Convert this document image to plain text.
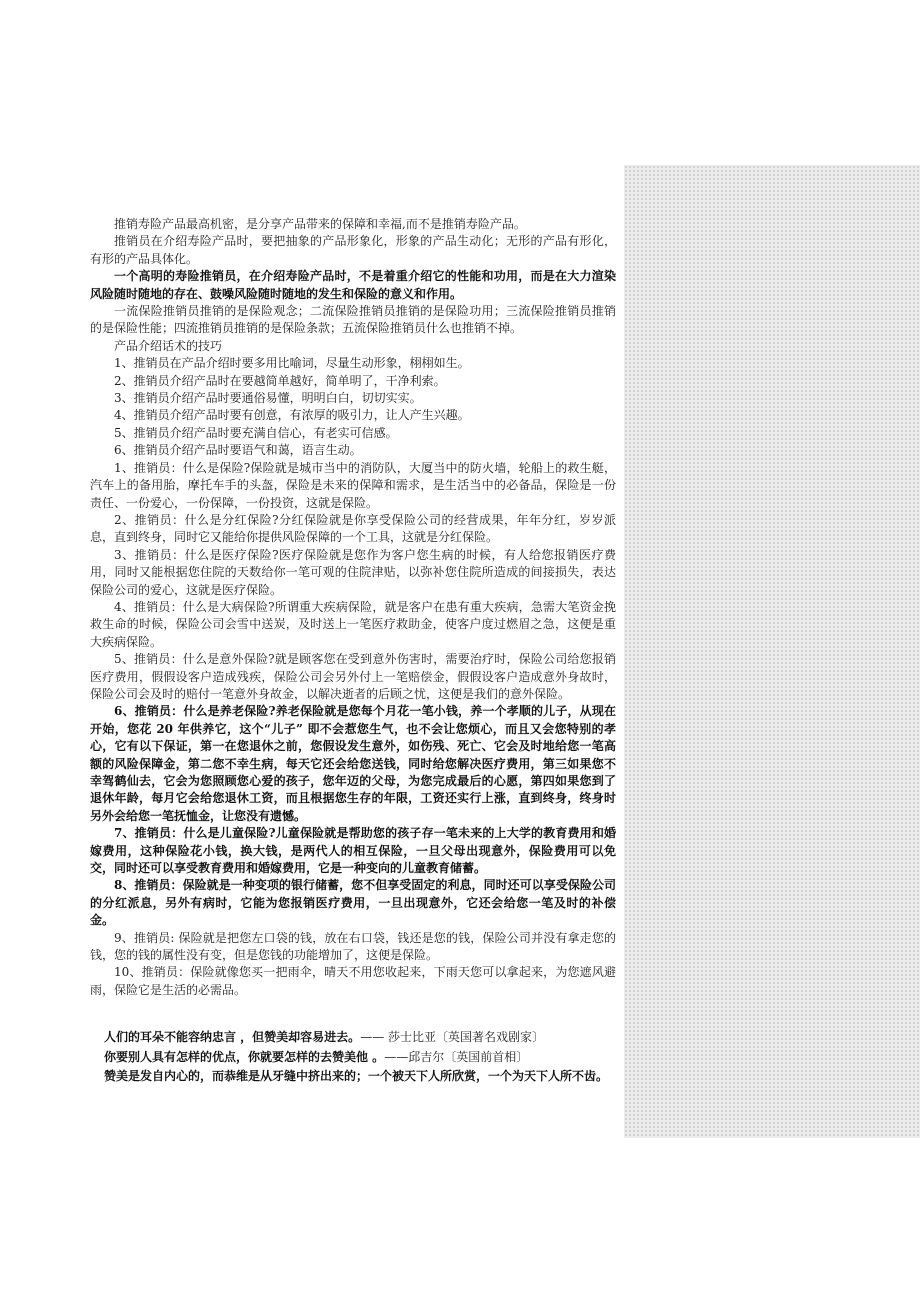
推销寿险产品最高机密，是分享产品带来的保障和幸福,而不是推销寿险产品。

推销员在介绍寿险产品时，要把抽象的产品形象化，形象的产品生动化；无形的产品有形化，有形的产品具体化。

一个高明的寿险推销员，在介绍寿险产品时，不是着重介绍它的性能和功用，而是在大力渲染风险随时随地的存在、鼓噪风险随时随地的发生和保险的意义和作用。

一流保险推销员推销的是保险观念；二流保险推销员推销的是保险功用；三流保险推销员推销的是保险性能；四流推销员推销的是保险条款；五流保险推销员什么也推销不掉。

产品介绍话术的技巧

1、推销员在产品介绍时要多用比喻词，尽量生动形象，栩栩如生。

2、推销员介绍产品时在要越简单越好，简单明了，干净利索。

3、推销员介绍产品时要通俗易懂，明明白白，切切实实。

4、推销员介绍产品时要有创意，有浓厚的吸引力，让人产生兴趣。

5、推销员介绍产品时要充满自信心，有老实可信感。

6、推销员介绍产品时要语气和蔼，语言生动。

1、推销员：什么是保险?保险就是城市当中的消防队，大厦当中的防火墙，轮船上的救生艇，汽车上的备用胎，摩托车手的头盔，保险是未来的保障和需求，是生活当中的必备品，保险是一份责任、一份爱心，一份保障，一份投资，这就是保险。

2、推销员：什么是分红保险?分红保险就是你享受保险公司的经营成果，年年分红，岁岁派息，直到终身，同时它又能给你提供风险保障的一个工具，这就是分红保险。

3、推销员：什么是医疗保险?医疗保险就是您作为客户您生病的时候，有人给您报销医疗费用，同时又能根据您住院的天数给你一笔可观的住院津贴，以弥补您住院所造成的间接损失，表达保险公司的爱心，这就是医疗保险。

4、推销员：什么是大病保险?所谓重大疾病保险，就是客户在患有重大疾病，急需大笔资金挽救生命的时候，保险公司会雪中送炭，及时送上一笔医疗救助金，使客户度过燃眉之急，这便是重大疾病保险。

5、推销员：什么是意外保险?就是顾客您在受到意外伤害时，需要治疗时，保险公司给您报销医疗费用，假假设客户造成残疾，保险公司会另外付上一笔赔偿金，假假设客户造成意外身故时，保险公司会及时的赔付一笔意外身故金，以解决逝者的后顾之忧，这便是我们的意外保险。

6、推销员：什么是养老保险?养老保险就是您每个月花一笔小钱，养一个孝顺的儿子，从现在开始，您花 20 年供养它，这个“儿子” 即不会惹您生气，也不会让您烦心，而且又会您特别的孝心，它有以下保证，第一在您退休之前，您假设发生意外，如伤残、死亡、它会及时地给您一笔高额的风险保障金，第二您不幸生病，每天它还会给您送钱，同时给您解决医疗费用，第三如果您不幸驾鹤仙去，它会为您照顾您心爱的孩子，您年迈的父母，为您完成最后的心愿，第四如果您到了退休年龄，每月它会给您退休工资，而且根据您生存的年限，工资还实行上涨，直到终身，终身时另外会给您一笔抚恤金，让您没有遗憾。

7、推销员：什么是儿童保险?儿童保险就是帮助您的孩子存一笔未来的上大学的教育费用和婚嫁费用，这种保险花小钱，换大钱，是两代人的相互保险，一旦父母出现意外，保险费用可以免交，同时还可以享受教育费用和婚嫁费用，它是一种变向的儿童教育储蓄。

8、推销员：保险就是一种变项的银行储蓄，您不但享受固定的利息，同时还可以享受保险公司的分红派息，另外有病时，它能为您报销医疗费用，一旦出现意外，它还会给您一笔及时的补偿金。

9、推销员: 保险就是把您左口袋的钱，放在右口袋，钱还是您的钱，保险公司并没有拿走您的钱，您的钱的属性没有变，但是您钱的功能增加了，这便是保险。

10、推销员：保险就像您买一把雨伞，晴天不用您收起来，下雨天您可以拿起来，为您遮风避雨，保险它是生活的必需品。

人们的耳朵不能容纳忠言 ，但赞美却容易进去。—— 莎士比亚〔英国著名戏剧家〕

你要别人具有怎样的优点，你就要怎样的去赞美他 。——邱吉尔〔英国前首相〕

赞美是发自内心的，而恭维是从牙缝中挤出来的；一个被天下人所欣赏，一个为天下人所不齿。
